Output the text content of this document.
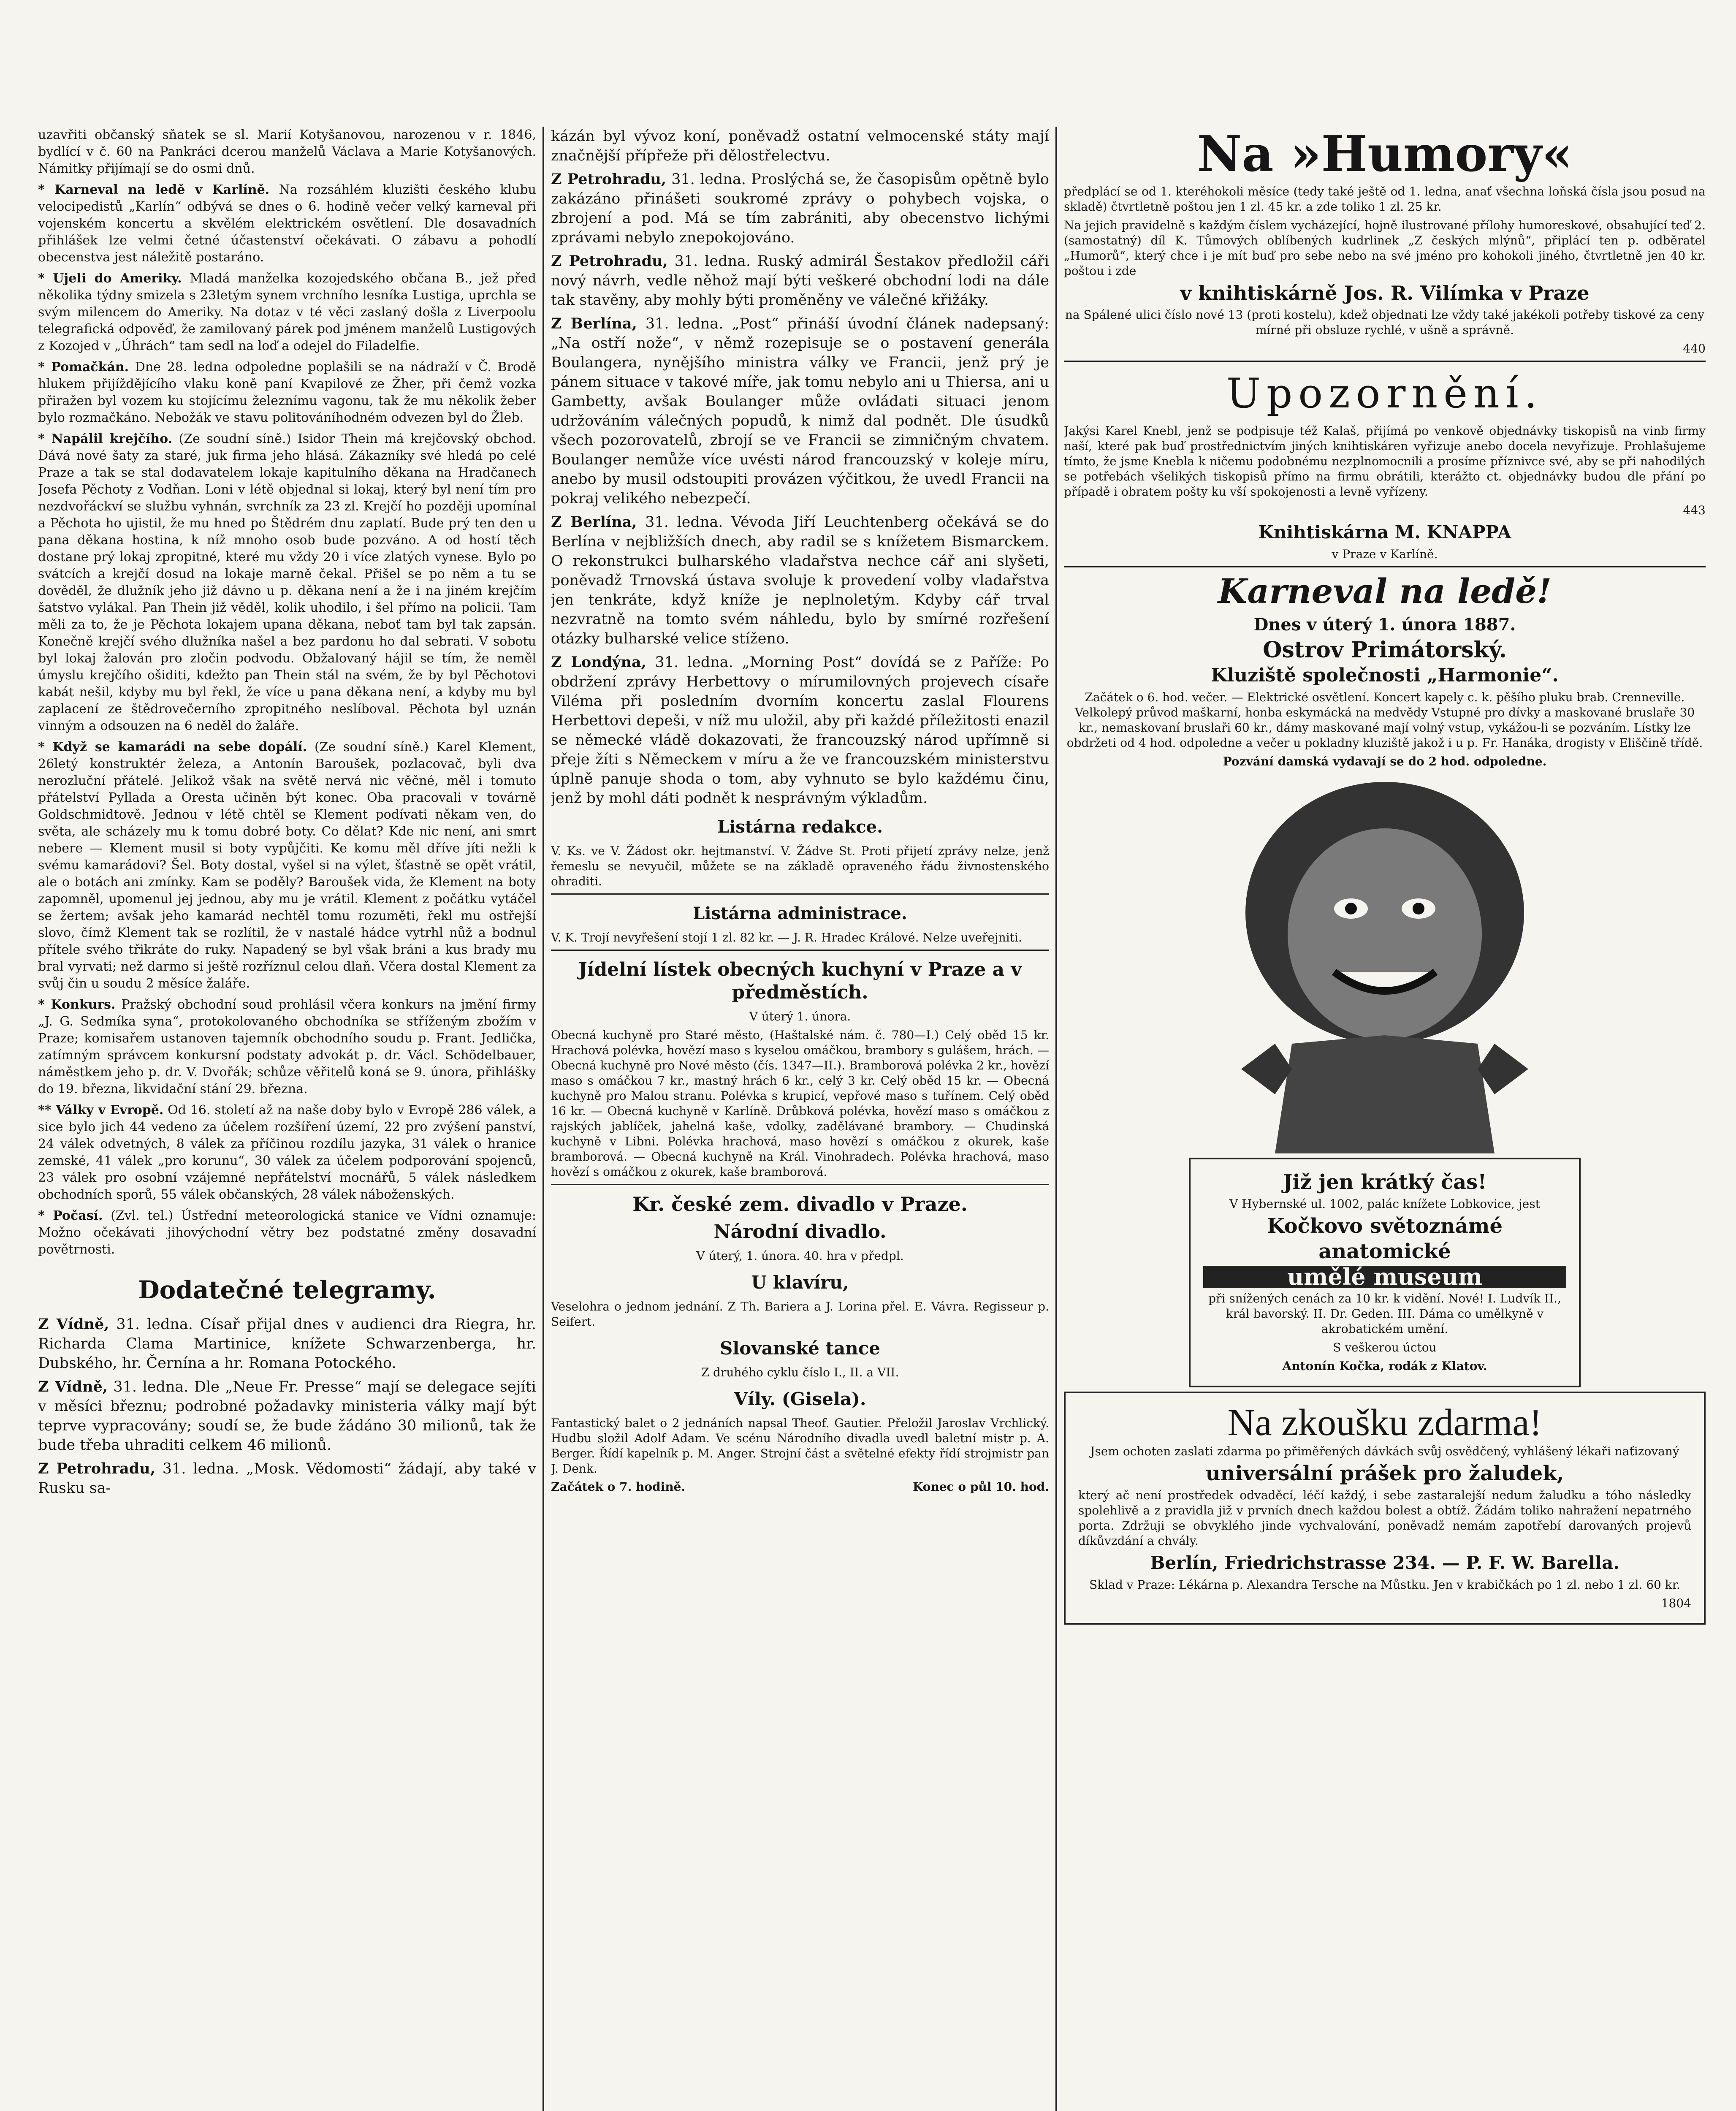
uzavřiti občanský sňatek se sl. Marií Kotyšanovou, narozenou v r. 1846, bydlící v č. 60 na Pankráci dcerou manželů Václava a Marie Kotyšanových. Námitky přijímají se do osmi dnů.

* Karneval na ledě v Karlíně. Na rozsáhlém kluzišti českého klubu velocipedistů „Karlín“ odbývá se dnes o 6. hodině večer velký karneval při vojenském koncertu a skvělém elektrickém osvětlení. Dle dosavadních přihlášek lze velmi četné účastenství očekávati. O zábavu a pohodlí obecenstva jest náležitě postaráno.

* Ujeli do Ameriky. Mladá manželka kozojedského občana B., jež před několika týdny smizela s 23letým synem vrchního lesníka Lustiga, uprchla se svým milencem do Ameriky. Na dotaz v té věci zaslaný došla z Liverpoolu telegrafická odpověď, že zamilovaný párek pod jménem manželů Lustigových z Kozojed v „Úhrách“ tam sedl na loď a odejel do Filadelfie.

* Pomačkán. Dne 28. ledna odpoledne poplašili se na nádraží v Č. Brodě hlukem přijíždějícího vlaku koně paní Kvapilové ze Žher, při čemž vozka přiražen byl vozem ku stojícímu železnímu vagonu, tak že mu několik žeber bylo rozmačkáno. Nebožák ve stavu politováníhodném odvezen byl do Žleb.

* Napálil krejčího. (Ze soudní síně.) Isidor Thein má krejčovský obchod. Dává nové šaty za staré, juk firma jeho hlásá. Zákazníky své hledá po celé Praze a tak se stal dodavatelem lokaje kapitulního děkana na Hradčanech Josefa Pěchoty z Vodňan. Loni v létě objednal si lokaj, který byl není tím pro nezdvořáckví se službu vyhnán, svrchník za 23 zl. Krejčí ho později upomínal a Pěchota ho ujistil, že mu hned po Štědrém dnu zaplatí. Bude prý ten den u pana děkana hostina, k níž mnoho osob bude pozváno. A od hostí těch dostane prý lokaj zpropitné, které mu vždy 20 i více zlatých vynese. Bylo po svátcích a krejčí dosud na lokaje marně čekal. Přišel se po něm a tu se dověděl, že dlužník jeho již dávno u p. děkana není a že i na jiném krejčím šatstvo vylákal. Pan Thein již věděl, kolik uhodilo, i šel přímo na policii. Tam měli za to, že je Pěchota lokajem upana děkana, neboť tam byl tak zapsán. Konečně krejčí svého dlužníka našel a bez pardonu ho dal sebrati. V sobotu byl lokaj žalován pro zločin podvodu. Obžalovaný hájil se tím, že neměl úmyslu krejčího ošiditi, kdežto pan Thein stál na svém, že by byl Pěchotovi kabát nešil, kdyby mu byl řekl, že více u pana děkana není, a kdyby mu byl zaplacení ze štědrovečerního zpropitného neslíboval. Pěchota byl uznán vinným a odsouzen na 6 neděl do žaláře.

* Když se kamarádi na sebe dopálí. (Ze soudní síně.) Karel Klement, 26letý konstruktér železa, a Antonín Baroušek, pozlacovač, byli dva nerozluční přátelé. Jelikož však na světě nervá nic věčné, měl i tomuto přátelství Pyllada a Oresta učiněn být konec. Oba pracovali v továrně Goldschmidtově. Jednou v létě chtěl se Klement podívati někam ven, do světa, ale scházely mu k tomu dobré boty. Co dělat? Kde nic není, ani smrt nebere — Klement musil si boty vypůjčiti. Ke komu měl dříve jíti nežli k svému kamarádovi? Šel. Boty dostal, vyšel si na výlet, šťastně se opět vrátil, ale o botách ani zmínky. Kam se poděly? Baroušek vida, že Klement na boty zapomněl, upomenul jej jednou, aby mu je vrátil. Klement z počátku vytáčel se žertem; avšak jeho kamarád nechtěl tomu rozuměti, řekl mu ostřejší slovo, čímž Klement tak se rozlítil, že v nastalé hádce vytrhl nůž a bodnul přítele svého třikráte do ruky. Napadený se byl však bráni a kus brady mu bral vyrvati; než darmo si ještě rozříznul celou dlaň. Včera dostal Klement za svůj čin u soudu 2 měsíce žaláře.

* Konkurs. Pražský obchodní soud prohlásil včera konkurs na jmění firmy „J. G. Sedmíka syna“, protokolovaného obchodníka se stříženým zbožím v Praze; komisařem ustanoven tajemník obchodního soudu p. Frant. Jedlička, zatímným správcem konkursní podstaty advokát p. dr. Václ. Schödelbauer, náměstkem jeho p. dr. V. Dvořák; schůze věřitelů koná se 9. února, přihlášky do 19. března, likvidační stání 29. března.

** Války v Evropě. Od 16. století až na naše doby bylo v Evropě 286 válek, a sice bylo jich 44 vedeno za účelem rozšíření území, 22 pro zvýšení panství, 24 válek odvetných, 8 válek za příčinou rozdílu jazyka, 31 válek o hranice zemské, 41 válek „pro korunu“, 30 válek za účelem podporování spojenců, 23 válek pro osobní vzájemné nepřátelství mocnářů, 5 válek následkem obchodních sporů, 55 válek občanských, 28 válek náboženských.

* Počasí. (Zvl. tel.) Ústřední meteorologická stanice ve Vídni oznamuje: Možno očekávati jihovýchodní větry bez podstatné změny dosavadní povětrnosti.

Dodatečné telegramy.

Z Vídně, 31. ledna. Císař přijal dnes v audienci dra Riegra, hr. Richarda Clama Martinice, knížete Schwarzenberga, hr. Dubského, hr. Černína a hr. Romana Potockého.

Z Vídně, 31. ledna. Dle „Neue Fr. Presse“ mají se delegace sejíti v měsíci březnu; podrobné požadavky ministeria války mají být teprve vypracovány; soudí se, že bude žádáno 30 milionů, tak že bude třeba uhraditi celkem 46 milionů.

Z Petrohradu, 31. ledna. „Mosk. Vědomosti“ žádají, aby také v Rusku sa-

kázán byl vývoz koní, poněvadž ostatní velmocenské státy mají značnější přípřeže při dělostřelectvu.

Z Petrohradu, 31. ledna. Proslýchá se, že časopisům opětně bylo zakázáno přinášeti soukromé zprávy o pohybech vojska, o zbrojení a pod. Má se tím zabrániti, aby obecenstvo lichými zprávami nebylo znepokojováno.

Z Petrohradu, 31. ledna. Ruský admirál Šestakov předložil cáři nový návrh, vedle něhož mají býti veškeré obchodní lodi na dále tak stavěny, aby mohly býti proměněny ve válečné křižáky.

Z Berlína, 31. ledna. „Post“ přináší úvodní článek nadepsaný: „Na ostří nože“, v němž rozepisuje se o postavení generála Boulangera, nynějšího ministra války ve Francii, jenž prý je pánem situace v takové míře, jak tomu nebylo ani u Thiersa, ani u Gambetty, avšak Boulanger může ovládati situaci jenom udržováním válečných popudů, k nimž dal podnět. Dle úsudků všech pozorovatelů, zbrojí se ve Francii se zimničným chvatem. Boulanger nemůže více uvésti národ francouzský v koleje míru, anebo by musil odstoupiti provázen výčitkou, že uvedl Francii na pokraj velikého nebezpečí.

Z Berlína, 31. ledna. Vévoda Jiří Leuchtenberg očekává se do Berlína v nejbližších dnech, aby radil se s knížetem Bismarckem. O rekonstrukci bulharského vladařstva nechce cář ani slyšeti, poněvadž Trnovská ústava svoluje k provedení volby vladařstva jen tenkráte, když kníže je neplnoletým. Kdyby cář trval nezvratně na tomto svém náhledu, bylo by smírné rozřešení otázky bulharské velice stíženo.

Z Londýna, 31. ledna. „Morning Post“ dovídá se z Paříže: Po obdržení zprávy Herbettovy o mírumilovných projevech císaře Viléma při posledním dvorním koncertu zaslal Flourens Herbettovi depeši, v níž mu uložil, aby při každé příležitosti enazil se německé vládě dokazovati, že francouzský národ upřímně si přeje žíti s Německem v míru a že ve francouzském ministerstvu úplně panuje shoda o tom, aby vyhnuto se bylo každému činu, jenž by mohl dáti podnět k nesprávným výkladům.

Listárna redakce.

V. Ks. ve V. Žádost okr. hejtmanství. V. Žádve St. Proti přijetí zprávy nelze, jenž řemeslu se nevyučil, můžete se na základě opraveného řádu živnostenského ohraditi.

Listárna administrace.

V. K. Trojí nevyřešení stojí 1 zl. 82 kr. — J. R. Hradec Králové. Nelze uveřejniti.

Jídelní lístek obecných kuchyní v Praze a v předměstích.

V úterý 1. února.

Obecná kuchyně pro Staré město, (Haštalské nám. č. 780—I.) Celý oběd 15 kr. Hrachová polévka, hovězí maso s kyselou omáčkou, brambory s gulášem, hrách. — Obecná kuchyně pro Nové město (čís. 1347—II.). Bramborová polévka 2 kr., hovězí maso s omáčkou 7 kr., mastný hrách 6 kr., celý 3 kr. Celý oběd 15 kr. — Obecná kuchyně pro Malou stranu. Polévka s krupicí, vepřové maso s tuřínem. Celý oběd 16 kr. — Obecná kuchyně v Karlíně. Drůbková polévka, hovězí maso s omáčkou z rajských jablíček, jahelná kaše, vdolky, zadělávané brambory. — Chudinská kuchyně v Libni. Polévka hrachová, maso hovězí s omáčkou z okurek, kaše bramborová. — Obecná kuchyně na Král. Vinohradech. Polévka hrachová, maso hovězí s omáčkou z okurek, kaše bramborová.

Kr. české zem. divadlo v Praze.
Národní divadlo.

V úterý, 1. února. 40. hra v předpl.

U klavíru,

Veselohra o jednom jednání. Z Th. Bariera a J. Lorina přel. E. Vávra. Regisseur p. Seifert.

Slovanské tance

Z druhého cyklu číslo I., II. a VII.

Víly. (Gisela).

Fantastický balet o 2 jednáních napsal Theof. Gautier. Přeložil Jaroslav Vrchlický. Hudbu složil Adolf Adam. Ve scénu Národního divadla uvedl baletní mistr p. A. Berger. Řídí kapelník p. M. Anger. Strojní část a světelné efekty řídí strojmistr pan J. Denk.

Začátek o 7. hodině.	Konec o půl 10. hod.
Na »Humory«

předplácí se od 1. kteréhokoli měsíce (tedy také ještě od 1. ledna, anať všechna loňská čísla jsou posud na skladě) čtvrtletně poštou jen 1 zl. 45 kr. a zde toliko 1 zl. 25 kr.

Na jejich pravidelně s každým číslem vycházející, hojně ilustrované přílohy humoreskové, obsahující teď 2. (samostatný) díl K. Tůmových oblíbených kudrlinek „Z českých mlýnů“, připlácí ten p. odběratel „Humorů“, který chce i je mít buď pro sebe nebo na své jméno pro kohokoli jiného, čtvrtletně jen 40 kr. poštou i zde

v knihtiskárně Jos. R. Vilímka v Praze

na Spálené ulici číslo nové 13 (proti kostelu), kdež objednati lze vždy také jakékoli potřeby tiskové za ceny mírné při obsluze rychlé, v ušně a správně.

440

Upozornění.

Jakýsi Karel Knebl, jenž se podpisuje též Kalaš, přijímá po venkově objednávky tiskopisů na vinb firmy naší, které pak buď prostřednictvím jiných knihtiskáren vyřizuje anebo docela nevyřizuje. Prohlašujeme tímto, že jsme Knebla k ničemu podobnému nezplnomocnili a prosíme příznivce své, aby se při nahodilých se potřebách všelikých tiskopisů přímo na firmu obrátili, kterážto ct. objednávky budou dle přání po případě i obratem pošty ku vší spokojenosti a levně vyřízeny.

443

Knihtiskárna M. KNAPPA

v Praze v Karlíně.

Karneval na ledě!
Dnes v úterý 1. února 1887.
Ostrov Primátorský.
Kluziště společnosti „Harmonie“.

Začátek o 6. hod. večer. — Elektrické osvětlení. Koncert kapely c. k. pěšího pluku brab. Crenneville. Velkolepý průvod maškarní, honba eskymácká na medvědy Vstupné pro dívky a maskované bruslaře 30 kr., nemaskovaní bruslaři 60 kr., dámy maskované mají volný vstup, vykážou-li se pozváním. Lístky lze obdržeti od 4 hod. odpoledne a večer u pokladny kluziště jakož i u p. Fr. Hanáka, drogisty v Eliščině třídě.

Pozvání damská vydavají se do 2 hod. odpoledne.

Již jen krátký čas!

V Hybernské ul. 1002, palác knížete Lobkovice, jest

Kočkovo světoznámé
anatomické
umělé museum

při snížených cenách za 10 kr. k vidění. Nové! I. Ludvík II., král bavorský. II. Dr. Geden. III. Dáma co umělkyně v akrobatickém umění.

S veškerou úctou

Antonín Kočka, rodák z Klatov.

Na zkoušku zdarma!

Jsem ochoten zaslati zdarma po přiměřených dávkách svůj osvědčený, vyhlášený lékaři naťizovaný

universální prášek pro žaludek,

který ač není prostředek odvaděcí, léčí každý, i sebe zastaralejší nedum žaludku a tóho následky spolehlivě a z pravidla již v prvních dnech každou bolest a obtíž. Žádám toliko nahražení nepatrného porta. Zdržuji se obvyklého jinde vychvalování, poněvadž nemám zapotřebí darovaných projevů díkůvzdání a chvály.

Berlín, Friedrichstrasse 234. — P. F. W. Barella.

Sklad v Praze: Lékárna p. Alexandra Tersche na Můstku. Jen v krabičkách po 1 zl. nebo 1 zl. 60 kr.

1804
